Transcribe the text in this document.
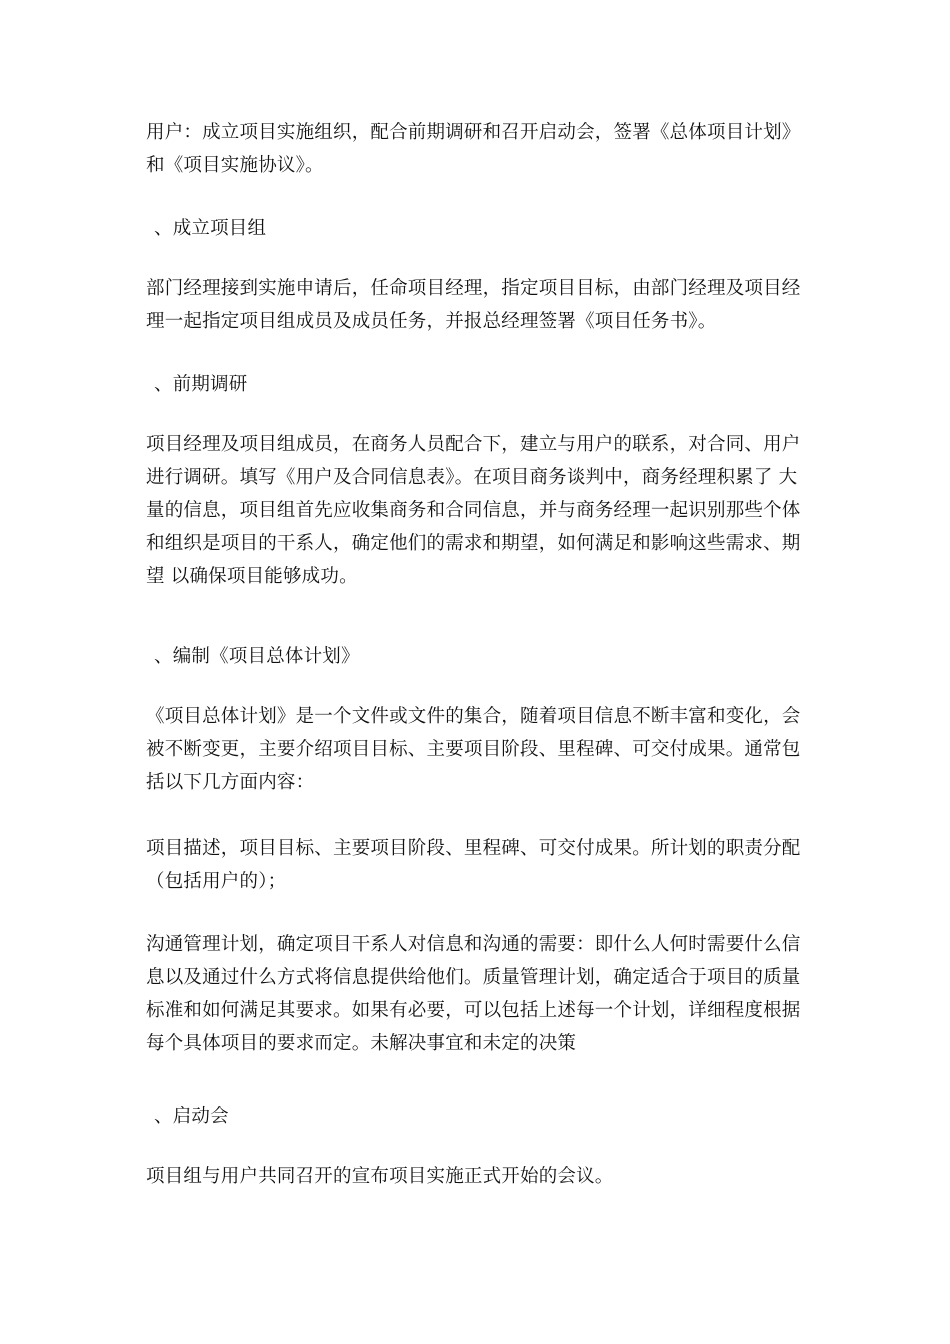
用户：成立项目实施组织，配合前期调研和召开启动会，签署《总体项目计划》
和《项目实施协议》。
、成立项目组
部门经理接到实施申请后，任命项目经理，指定项目目标，由部门经理及项目经
理一起指定项目组成员及成员任务，并报总经理签署《项目任务书》。
、前期调研
项目经理及项目组成员，在商务人员配合下，建立与用户的联系，对合同、用户
进行调研。填写《用户及合同信息表》。在项目商务谈判中，商务经理积累了 大
量的信息，项目组首先应收集商务和合同信息，并与商务经理一起识别那些个体
和组织是项目的干系人，确定他们的需求和期望，如何满足和影响这些需求、期
望 以确保项目能够成功。
、编制《项目总体计划》
《项目总体计划》是一个文件或文件的集合，随着项目信息不断丰富和变化，会
被不断变更，主要介绍项目目标、主要项目阶段、里程碑、可交付成果。通常包
括以下几方面内容：
项目描述，项目目标、主要项目阶段、里程碑、可交付成果。所计划的职责分配
（包括用户的）；
沟通管理计划，确定项目干系人对信息和沟通的需要：即什么人何时需要什么信
息以及通过什么方式将信息提供给他们。质量管理计划，确定适合于项目的质量
标准和如何满足其要求。如果有必要，可以包括上述每一个计划，详细程度根据
每个具体项目的要求而定。未解决事宜和未定的决策
、启动会
项目组与用户共同召开的宣布项目实施正式开始的会议。
